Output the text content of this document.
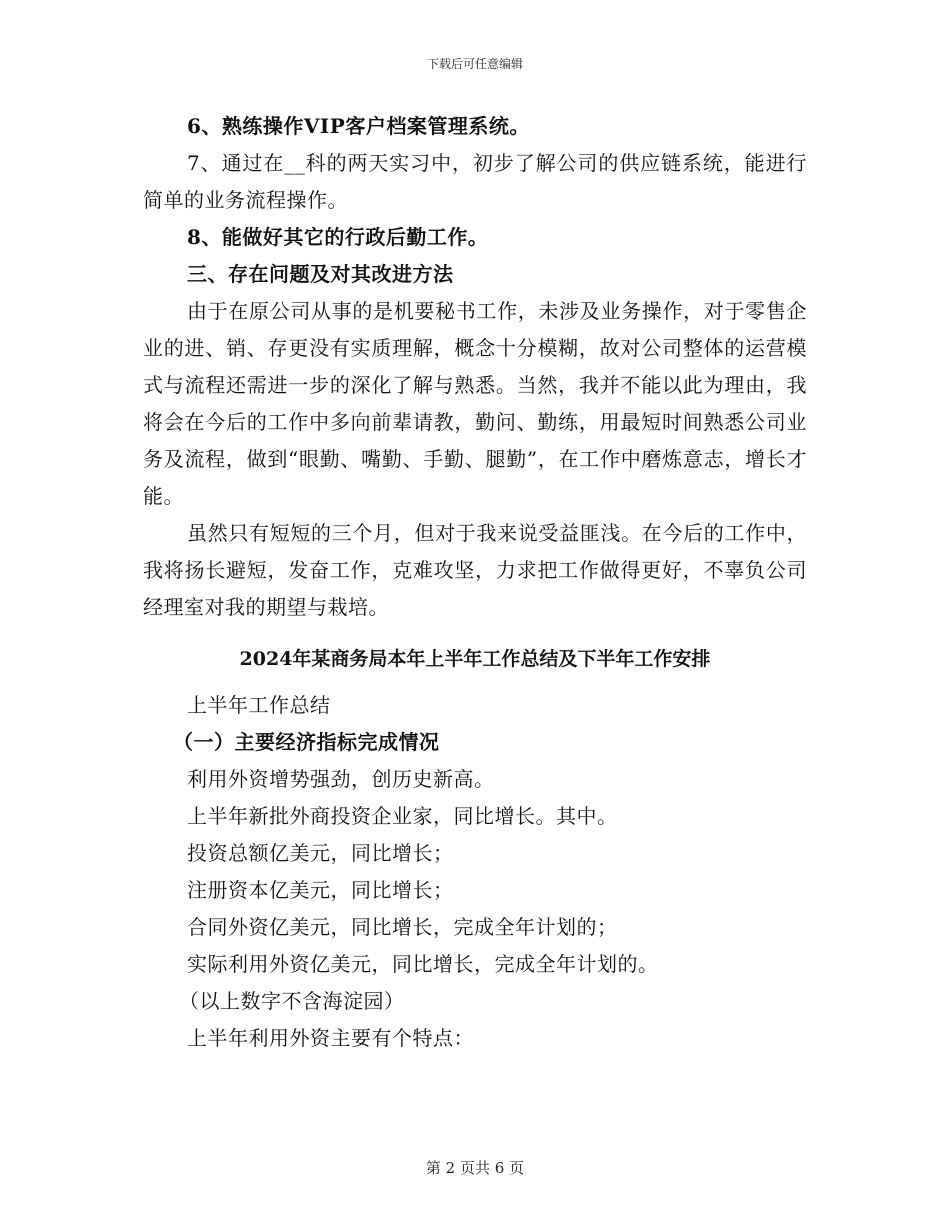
下载后可任意编辑

6、熟练操作VIP客户档案管理系统。

7、通过在__科的两天实习中，初步了解公司的供应链系统，能进行简单的业务流程操作。

8、能做好其它的行政后勤工作。

三、存在问题及对其改进方法

由于在原公司从事的是机要秘书工作，未涉及业务操作，对于零售企业的进、销、存更没有实质理解，概念十分模糊，故对公司整体的运营模式与流程还需进一步的深化了解与熟悉。当然，我并不能以此为理由，我将会在今后的工作中多向前辈请教，勤问、勤练，用最短时间熟悉公司业务及流程，做到“眼勤、嘴勤、手勤、腿勤”，在工作中磨炼意志，增长才能。

虽然只有短短的三个月，但对于我来说受益匪浅。在今后的工作中，我将扬长避短，发奋工作，克难攻坚，力求把工作做得更好，不辜负公司经理室对我的期望与栽培。

2024年某商务局本年上半年工作总结及下半年工作安排

上半年工作总结

（一）主要经济指标完成情况

利用外资增势强劲，创历史新高。

上半年新批外商投资企业家，同比增长。其中。

投资总额亿美元，同比增长；

注册资本亿美元，同比增长；

合同外资亿美元，同比增长，完成全年计划的；

实际利用外资亿美元，同比增长，完成全年计划的。

（以上数字不含海淀园）

上半年利用外资主要有个特点：

第 2 页共 6 页
